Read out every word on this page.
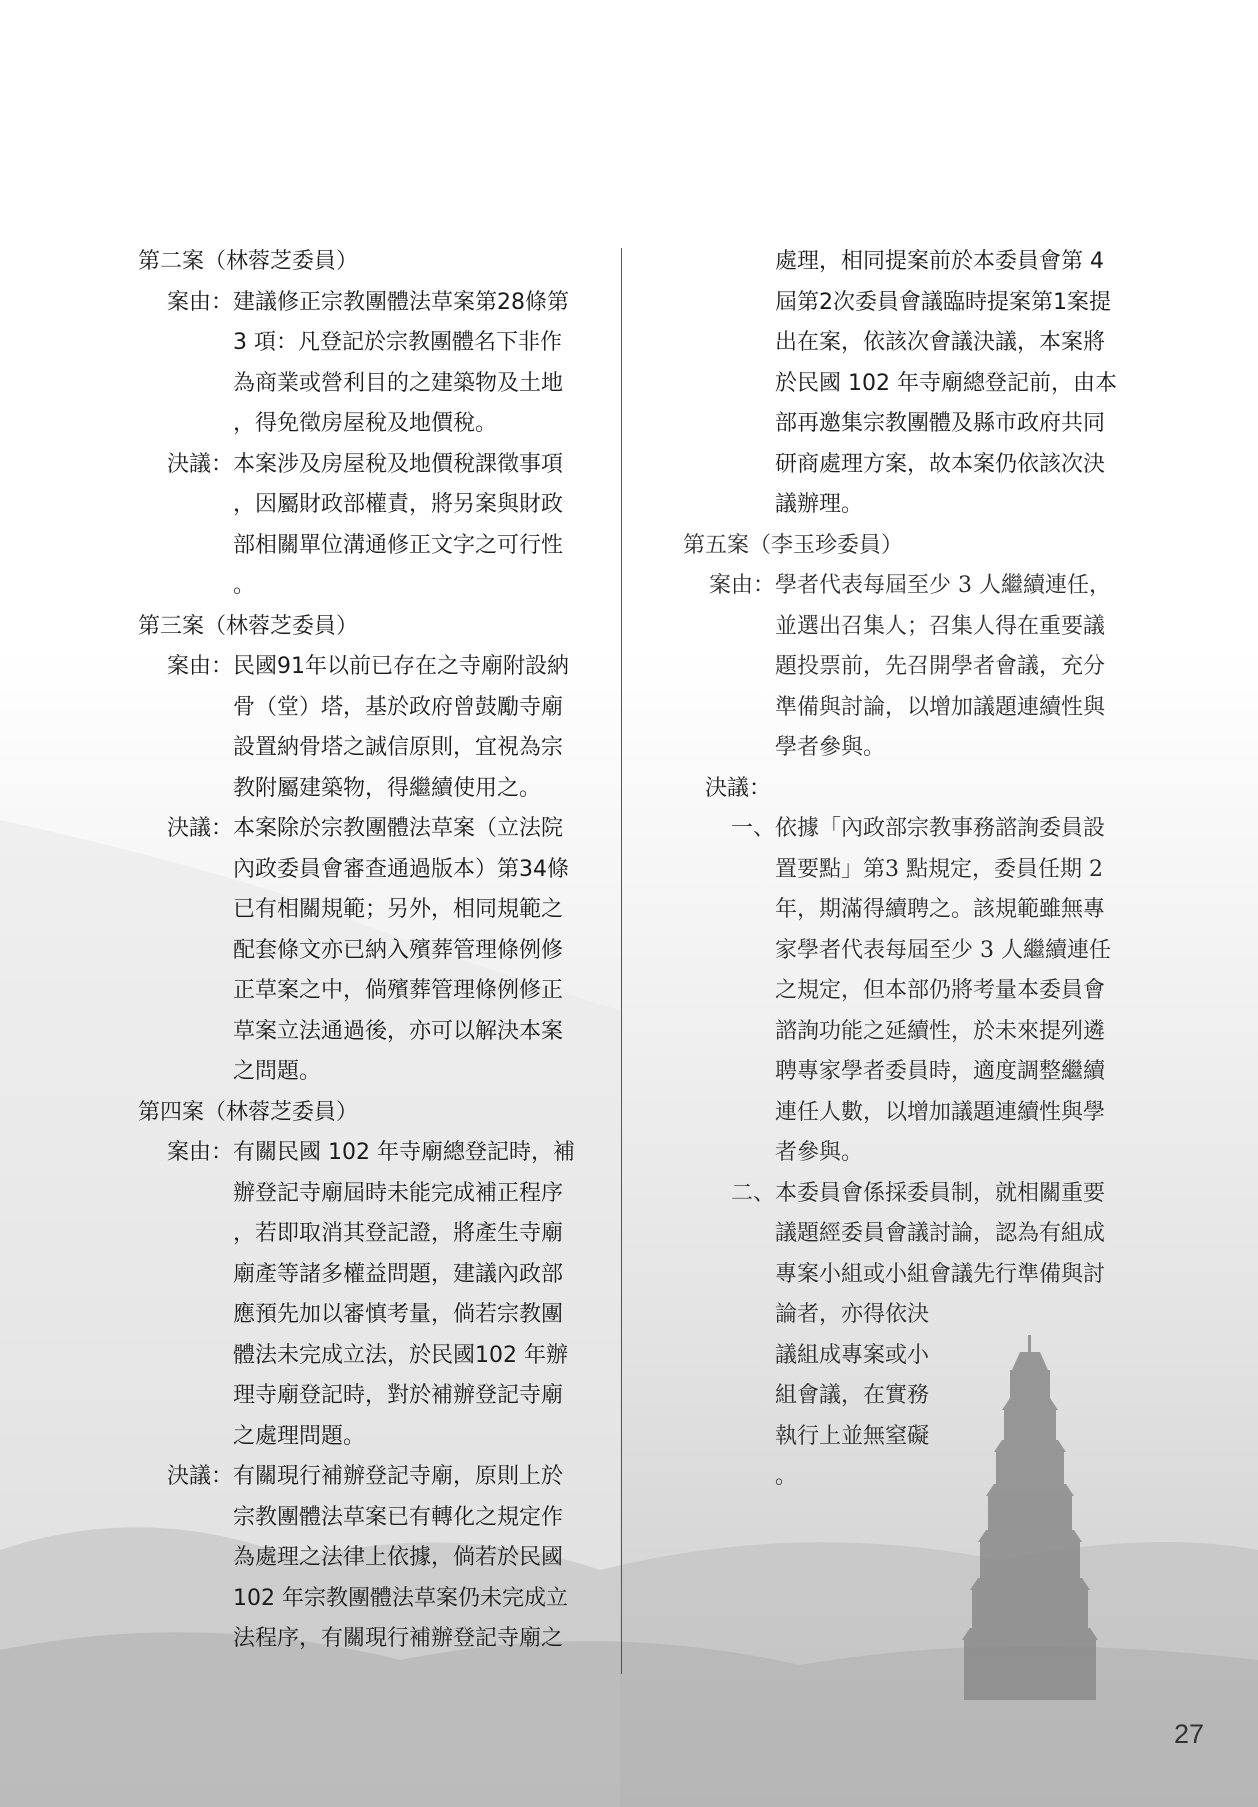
第二案（林蓉芝委員）
案由： 建議修正宗教團體法草案第28條第
3 項：凡登記於宗教團體名下非作
為商業或營利目的之建築物及土地
，得免徵房屋稅及地價稅。
決議： 本案涉及房屋稅及地價稅課徵事項
，因屬財政部權責，將另案與財政
部相關單位溝通修正文字之可行性
。
第三案（林蓉芝委員）
案由： 民國91年以前已存在之寺廟附設納
骨（堂）塔，基於政府曾鼓勵寺廟
設置納骨塔之誠信原則，宜視為宗
教附屬建築物，得繼續使用之。
決議： 本案除於宗教團體法草案（立法院
內政委員會審查通過版本）第34條
已有相關規範；另外，相同規範之
配套條文亦已納入殯葬管理條例修
正草案之中，倘殯葬管理條例修正
草案立法通過後，亦可以解決本案
之問題。
第四案（林蓉芝委員）
案由： 有關民國 102 年寺廟總登記時，補
辦登記寺廟屆時未能完成補正程序
，若即取消其登記證，將產生寺廟
廟產等諸多權益問題，建議內政部
應預先加以審慎考量，倘若宗教團
體法未完成立法，於民國102 年辦
理寺廟登記時，對於補辦登記寺廟
之處理問題。
決議： 有關現行補辦登記寺廟，原則上於
宗教團體法草案已有轉化之規定作
為處理之法律上依據，倘若於民國
102 年宗教團體法草案仍未完成立
法程序，有關現行補辦登記寺廟之
處理，相同提案前於本委員會第 4
屆第2次委員會議臨時提案第1案提
出在案，依該次會議決議，本案將
於民國 102 年寺廟總登記前，由本
部再邀集宗教團體及縣市政府共同
研商處理方案，故本案仍依該次決
議辦理。
第五案（李玉珍委員）
案由： 學者代表每屆至少 3 人繼續連任，
並選出召集人；召集人得在重要議
題投票前，先召開學者會議，充分
準備與討論，以增加議題連續性與
學者參與。
決議：
一、 依據「內政部宗教事務諮詢委員設
置要點」第3 點規定，委員任期 2
年，期滿得續聘之。該規範雖無專
家學者代表每屆至少 3 人繼續連任
之規定，但本部仍將考量本委員會
諮詢功能之延續性，於未來提列遴
聘專家學者委員時，適度調整繼續
連任人數，以增加議題連續性與學
者參與。
二、 本委員會係採委員制，就相關重要
議題經委員會議討論，認為有組成
專案小組或小組會議先行準備與討
論者，亦得依決
議組成專案或小
組會議，在實務
執行上並無窒礙
。
27
